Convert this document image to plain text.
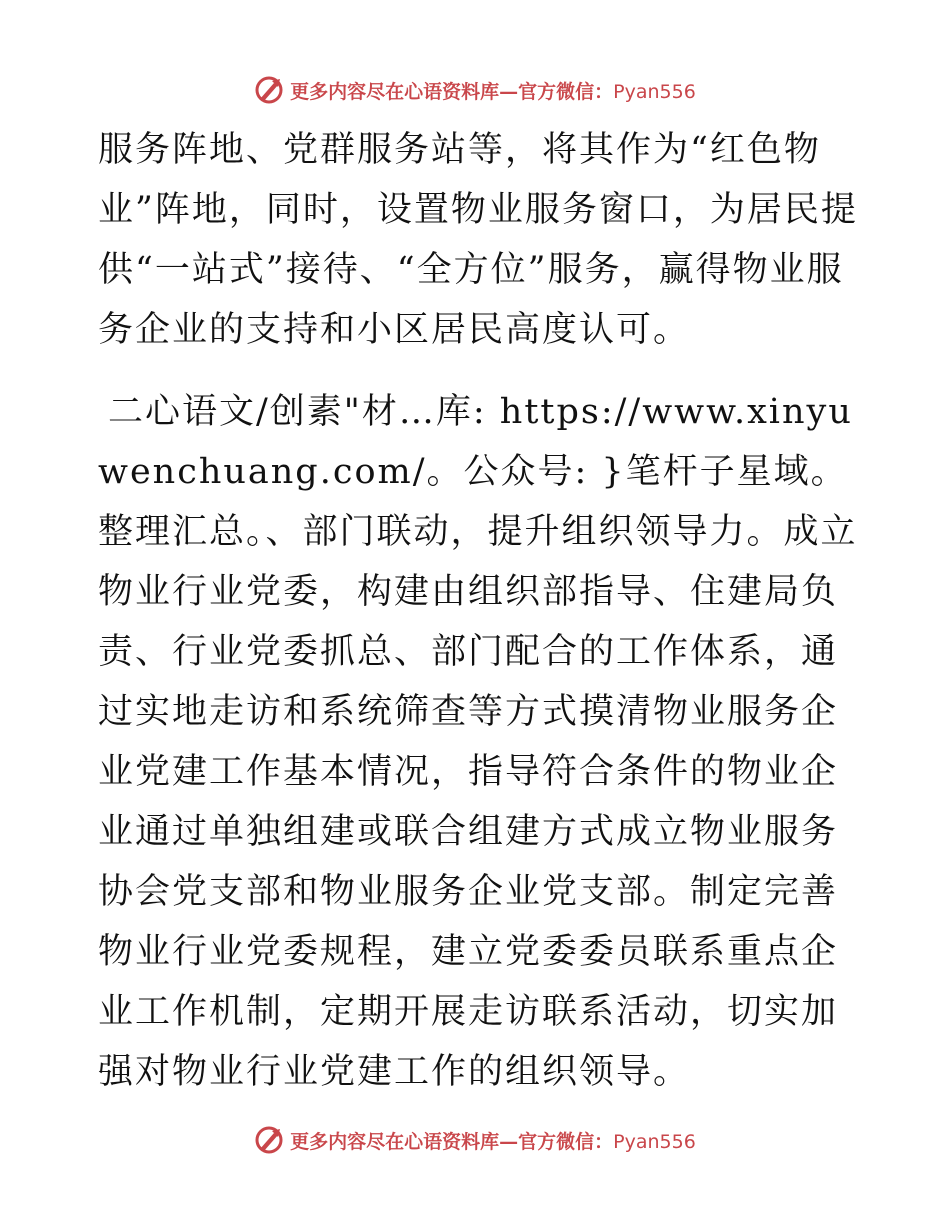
更多内容尽在心语资料库—官方微信：Pyan556

服务阵地、党群服务站等，将其作为“红色物业”阵地，同时，设置物业服务窗口，为居民提供“一站式”接待、“全方位”服务，赢得物业服务企业的支持和小区居民高度认可。

二心语文/创素"材…库: https://www.xinyuwenchuang.com/。公众号: }笔杆子星域。整理汇总。、部门联动，提升组织领导力。成立物业行业党委，构建由组织部指导、住建局负责、行业党委抓总、部门配合的工作体系，通过实地走访和系统筛查等方式摸清物业服务企业党建工作基本情况，指导符合条件的物业企业通过单独组建或联合组建方式成立物业服务协会党支部和物业服务企业党支部。制定完善物业行业党委规程，建立党委委员联系重点企业工作机制，定期开展走访联系活动，切实加强对物业行业党建工作的组织领导。

更多内容尽在心语资料库—官方微信：Pyan556
